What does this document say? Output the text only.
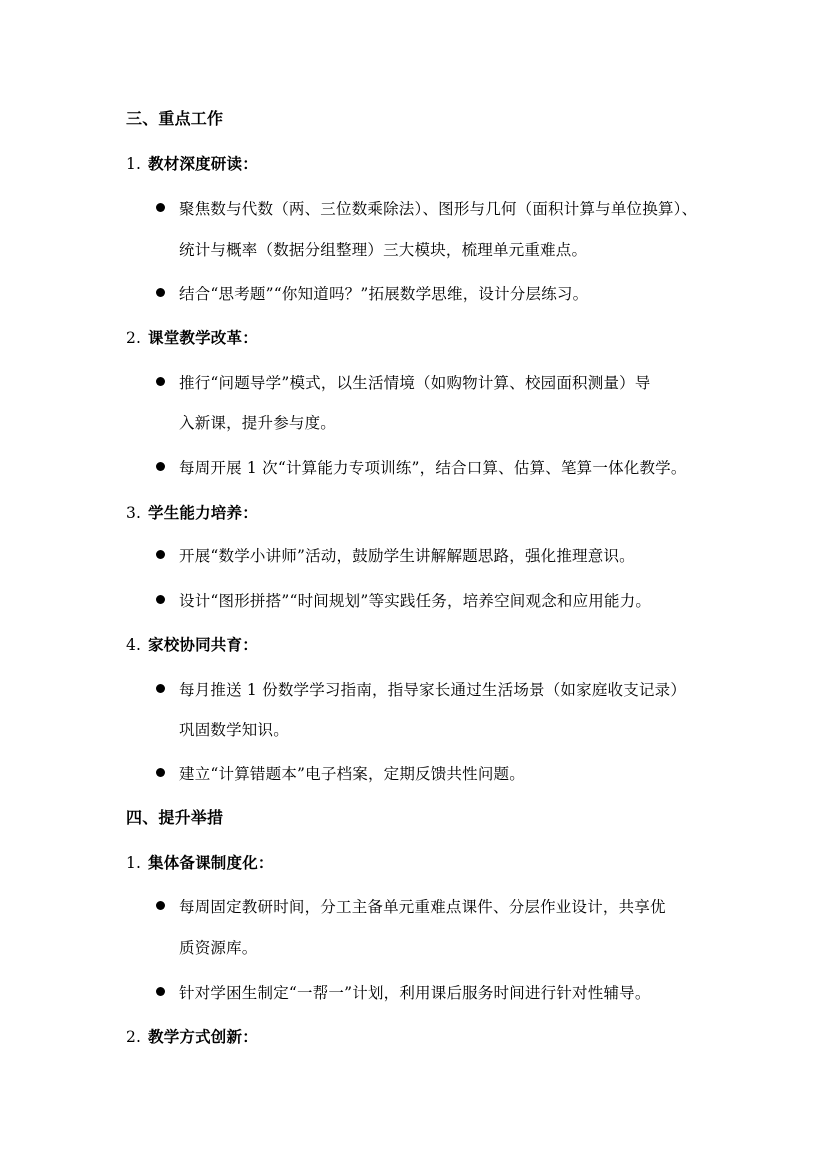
三、重点工作
1. 教材深度研读：
聚焦数与代数（两、三位数乘除法）、图形与几何（面积计算与单位换算）、
统计与概率（数据分组整理）三大模块，梳理单元重难点。
结合“思考题”“你知道吗？”拓展数学思维，设计分层练习。
2. 课堂教学改革：
推行“问题导学”模式，以生活情境（如购物计算、校园面积测量）导
入新课，提升参与度。
每周开展 1 次“计算能力专项训练”，结合口算、估算、笔算一体化教学。
3. 学生能力培养：
开展“数学小讲师”活动，鼓励学生讲解解题思路，强化推理意识。
设计“图形拼搭”“时间规划”等实践任务，培养空间观念和应用能力。
4. 家校协同共育：
每月推送 1 份数学学习指南，指导家长通过生活场景（如家庭收支记录）
巩固数学知识。
建立“计算错题本”电子档案，定期反馈共性问题。
四、提升举措
1. 集体备课制度化：
每周固定教研时间，分工主备单元重难点课件、分层作业设计，共享优
质资源库。
针对学困生制定“一帮一”计划，利用课后服务时间进行针对性辅导。
2. 教学方式创新：
